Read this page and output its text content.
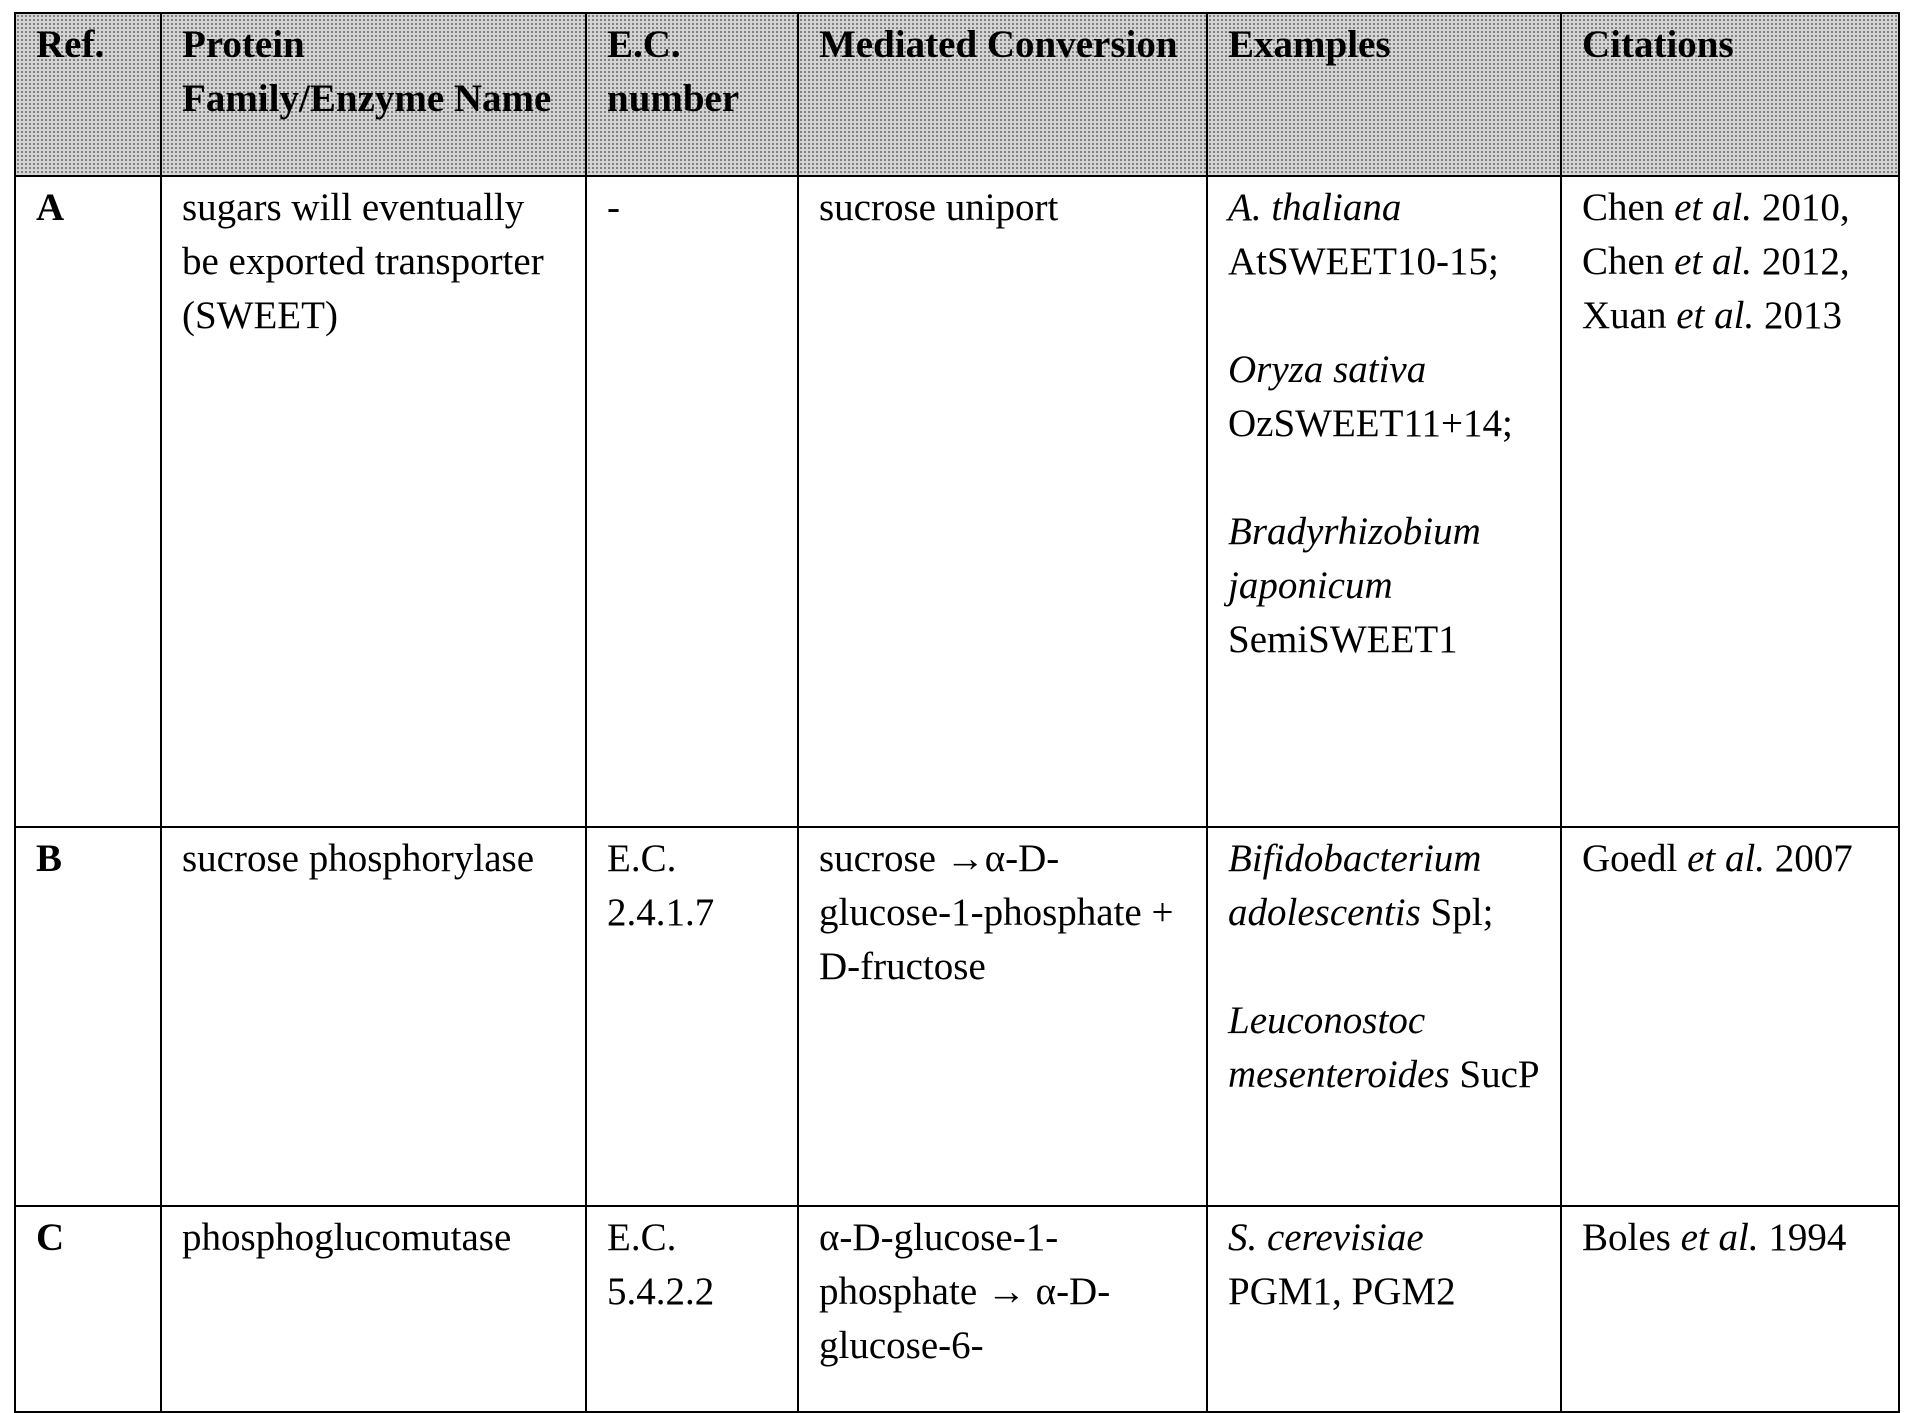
Ref.	Protein Family/Enzyme Name	E.C. number	Mediated Conversion	Examples	Citations
A	sugars will eventually be exported transporter (SWEET)	-	sucrose uniport	A. thaliana AtSWEET10-15;
Oryza sativa OzSWEET11+14;
Bradyrhizobium japonicum SemiSWEET1
	Chen et al. 2010, Chen et al. 2012, Xuan et al. 2013
B	sucrose phosphorylase	E.C. 2.4.1.7	sucrose →α-D-glucose-1-phosphate + D-fructose	
Bifidobacterium adolescentis Spl;
Leuconostoc mesenteroides SucP
	Goedl et al. 2007
C	phosphoglucomutase	E.C. 5.4.2.2	α-D-glucose-1-phosphate → α-D-glucose-6-	
S. cerevisiae PGM1, PGM2
	Boles et al. 1994
